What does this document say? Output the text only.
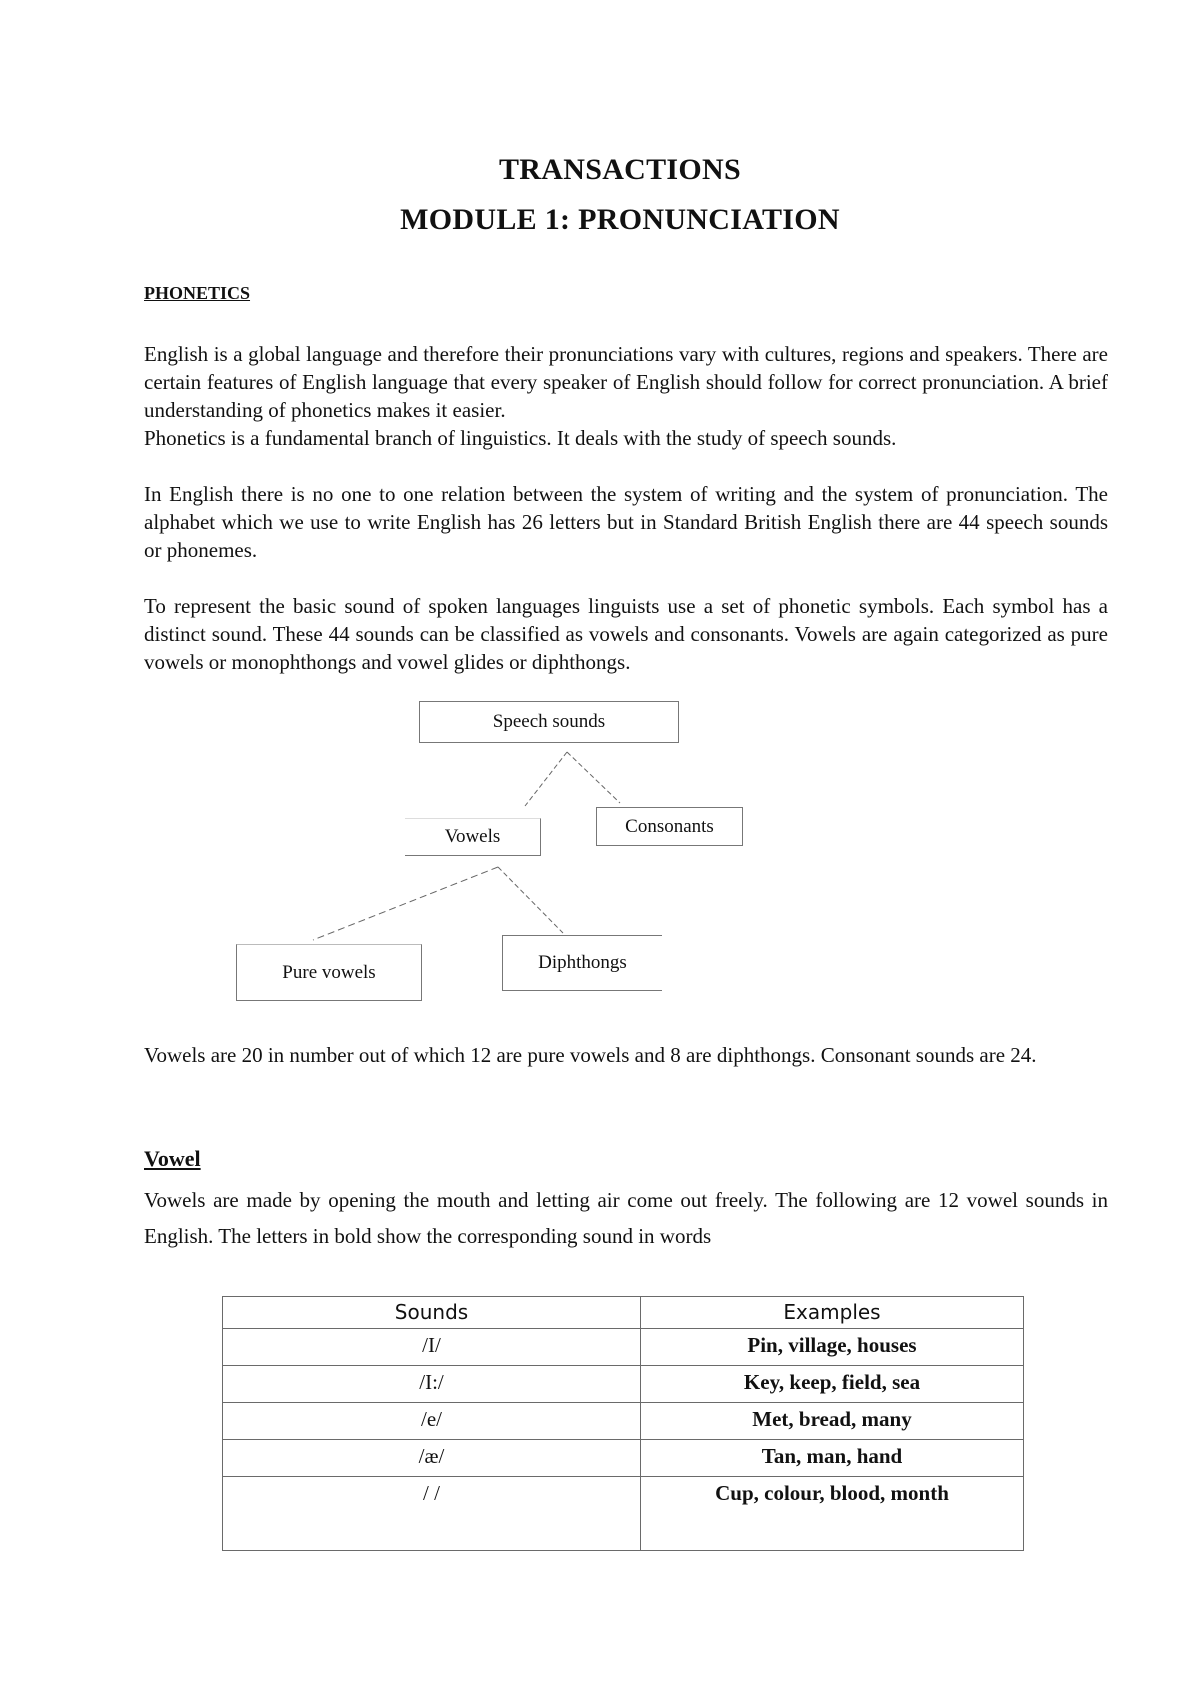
TRANSACTIONS
MODULE 1: PRONUNCIATION
PHONETICS

English is a global language and therefore their pronunciations vary with cultures, regions and speakers. There are certain features of English language that every speaker of English should follow for correct pronunciation. A brief understanding of phonetics makes it easier.

Phonetics is a fundamental branch of linguistics. It deals with the study of speech sounds.

In English there is no one to one relation between the system of writing and the system of pronunciation. The alphabet which we use to write English has 26 letters but in Standard British English there are 44 speech sounds or phonemes.
To represent the basic sound of spoken languages linguists use a set of phonetic symbols. Each symbol has a distinct sound. These 44 sounds can be classified as vowels and consonants. Vowels are again categorized as pure vowels or monophthongs and vowel glides or diphthongs.
Speech sounds
Vowels	Consonants
Pure vowels	Diphthongs
Vowels are 20 in number out of which 12 are pure vowels and 8 are diphthongs. Consonant sounds are 24.
Vowel
Vowels are made by opening the mouth and letting air come out freely. The following are 12 vowel sounds in English. The letters in bold show the corresponding sound in words
Sounds	Examples
/I/	Pin, village, houses
/I:/	Key, keep, field, sea
/e/	Met, bread, many
/æ/	Tan, man, hand
/ /	Cup, colour, blood, month
